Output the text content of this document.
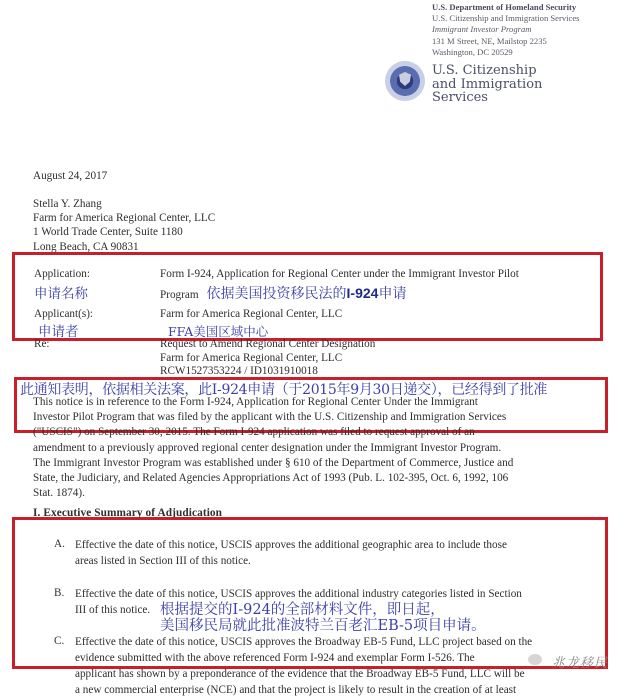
U.S. Department of Homeland Security
U.S. Citizenship and Immigration Services
Immigrant Investor Program
131 M Street, NE, Mailstop 2235
Washington, DC 20529
U.S. Citizenship
and Immigration
Services
August 24, 2017
Stella Y. Zhang
Farm for America Regional Center, LLC
1 World Trade Center, Suite 1180
Long Beach, CA 90831
Application:
申请名称
Form I-924, Application for Regional Center under the Immigrant Investor Pilot
Program 依据美国投资移民法的I-924申请
Applicant(s):
申请者
Farm for America Regional Center, LLC
FFA美国区域中心
Re:	Request to Amend Regional Center Designation
Farm for America Regional Center, LLC
RCW1527353224 / ID1031910018
此通知表明，依据相关法案，此I-924申请（于2015年9月30日递交），已经得到了批准
This notice is in reference to the Form I-924, Application for Regional Center Under the Immigrant
Investor Pilot Program that was filed by the applicant with the U.S. Citizenship and Immigration Services
("USCIS") on September 30, 2015. The Form I-924 application was filed to request approval of an
amendment to a previously approved regional center designation under the Immigrant Investor Program.
The Immigrant Investor Program was established under § 610 of the Department of Commerce, Justice and
State, the Judiciary, and Related Agencies Appropriations Act of 1993 (Pub. L. 102-395, Oct. 6, 1992, 106
Stat. 1874).
I. Executive Summary of Adjudication
A. Effective the date of this notice, USCIS approves the additional geographic area to include those
areas listed in Section III of this notice.
B. Effective the date of this notice, USCIS approves the additional industry categories listed in Section
III of this notice. 根据提交的I-924的全部材料文件，即日起，
美国移民局就此批准波特兰百老汇EB-5项目申请。
C. Effective the date of this notice, USCIS approves the Broadway EB-5 Fund, LLC project based on the
evidence submitted with the above referenced Form I-924 and exemplar Form I-526. The
applicant has shown by a preponderance of the evidence that the Broadway EB-5 Fund, LLC will be
a new commercial enterprise (NCE) and that the project is likely to result in the creation of at least
兆龙移民
